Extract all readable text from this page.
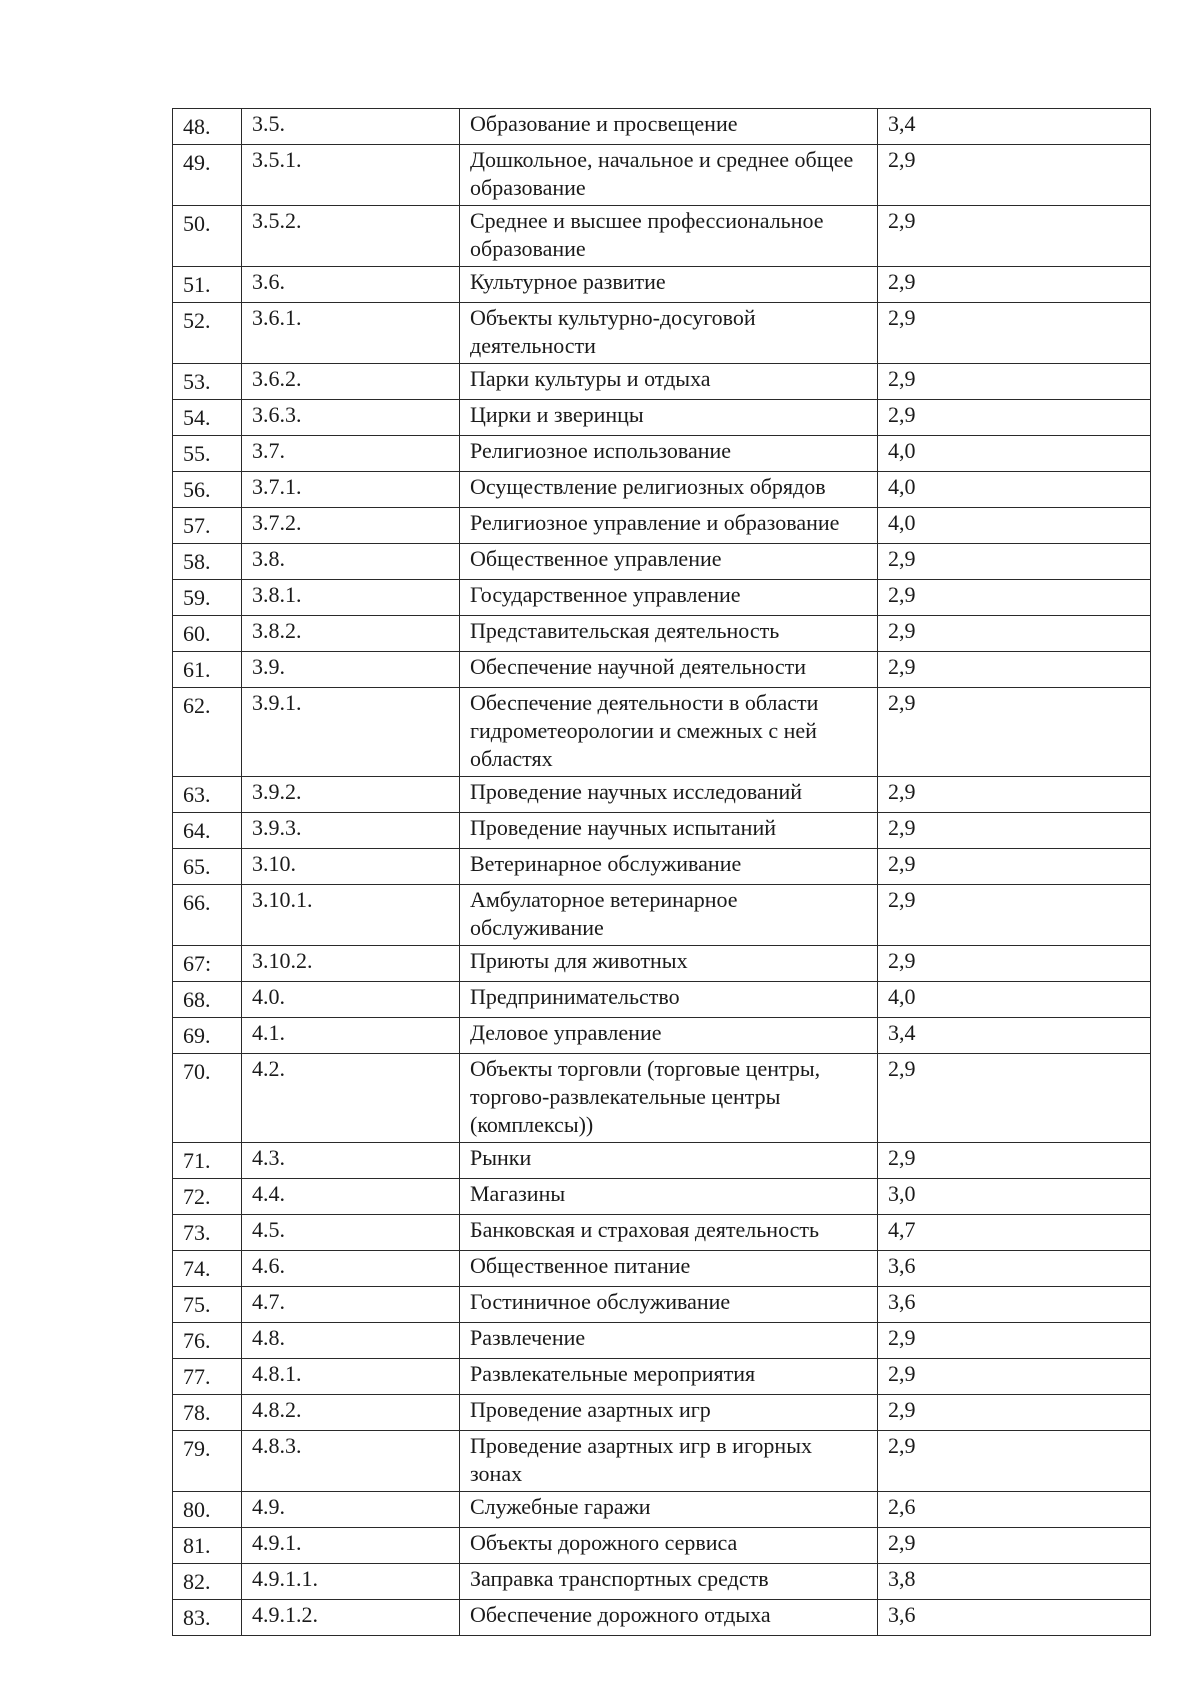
48.	3.5.	Образование и просвещение	3,4
49.	3.5.1.	Дошкольное, начальное и среднее общее образование	2,9
50.	3.5.2.	Среднее и высшее профессиональное образование	2,9
51.	3.6.	Культурное развитие	2,9
52.	3.6.1.	Объекты культурно-досуговой деятельности	2,9
53.	3.6.2.	Парки культуры и отдыха	2,9
54.	3.6.3.	Цирки и зверинцы	2,9
55.	3.7.	Религиозное использование	4,0
56.	3.7.1.	Осуществление религиозных обрядов	4,0
57.	3.7.2.	Религиозное управление и образование	4,0
58.	3.8.	Общественное управление	2,9
59.	3.8.1.	Государственное управление	2,9
60.	3.8.2.	Представительская деятельность	2,9
61.	3.9.	Обеспечение научной деятельности	2,9
62.	3.9.1.	Обеспечение деятельности в области гидрометеорологии и смежных с ней областях	2,9
63.	3.9.2.	Проведение научных исследований	2,9
64.	3.9.3.	Проведение научных испытаний	2,9
65.	3.10.	Ветеринарное обслуживание	2,9
66.	3.10.1.	Амбулаторное ветеринарное обслуживание	2,9
67:	3.10.2.	Приюты для животных	2,9
68.	4.0.	Предпринимательство	4,0
69.	4.1.	Деловое управление	3,4
70.	4.2.	Объекты торговли (торговые центры, торгово-развлекательные центры (комплексы))	2,9
71.	4.3.	Рынки	2,9
72.	4.4.	Магазины	3,0
73.	4.5.	Банковская и страховая деятельность	4,7
74.	4.6.	Общественное питание	3,6
75.	4.7.	Гостиничное обслуживание	3,6
76.	4.8.	Развлечение	2,9
77.	4.8.1.	Развлекательные мероприятия	2,9
78.	4.8.2.	Проведение азартных игр	2,9
79.	4.8.3.	Проведение азартных игр в игорных зонах	2,9
80.	4.9.	Служебные гаражи	2,6
81.	4.9.1.	Объекты дорожного сервиса	2,9
82.	4.9.1.1.	Заправка транспортных средств	3,8
83.	4.9.1.2.	Обеспечение дорожного отдыха	3,6
